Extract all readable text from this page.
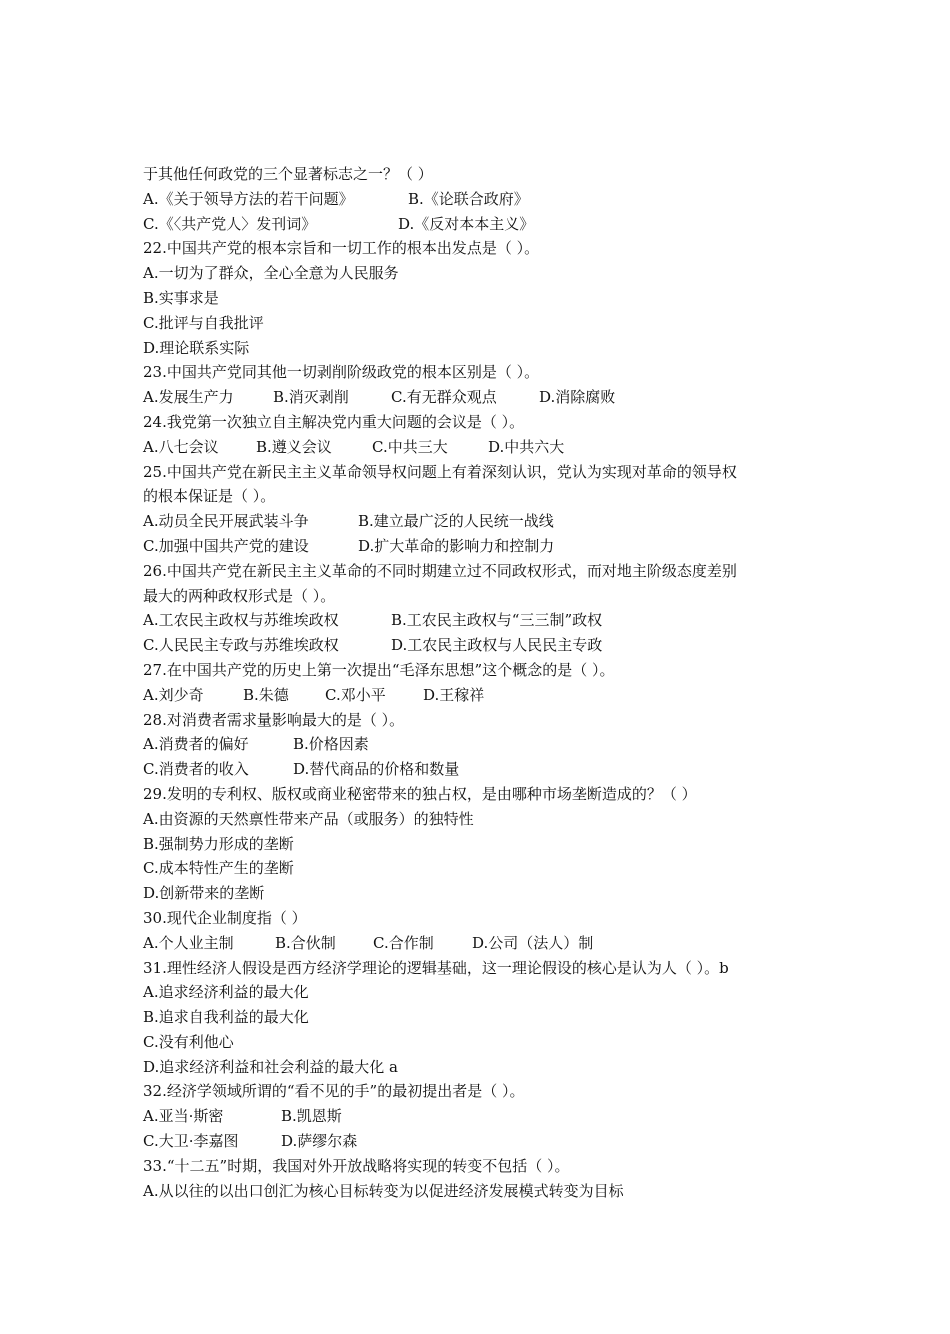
于其他任何政党的三个显著标志之一？（ ）
A.《关于领导方法的若干问题》	B.《论联合政府》
C.《〈共产党人〉发刊词》	D.《反对本本主义》
22.中国共产党的根本宗旨和一切工作的根本出发点是（ ）。
A.一切为了群众，全心全意为人民服务
B.实事求是
C.批评与自我批评
D.理论联系实际
23.中国共产党同其他一切剥削阶级政党的根本区别是（ ）。
A.发展生产力	B.消灭剥削	C.有无群众观点	D.消除腐败
24.我党第一次独立自主解决党内重大问题的会议是（ ）。
A.八七会议 B.遵义会议	C.中共三大	D.中共六大
25.中国共产党在新民主主义革命领导权问题上有着深刻认识，党认为实现对革命的领导权
的根本保证是（ ）。
A.动员全民开展武装斗争	B.建立最广泛的人民统一战线
C.加强中国共产党的建设	D.扩大革命的影响力和控制力
26.中国共产党在新民主主义革命的不同时期建立过不同政权形式，而对地主阶级态度差别
最大的两种政权形式是（ ）。
A.工农民主政权与苏维埃政权	B.工农民主政权与“三三制”政权
C.人民民主专政与苏维埃政权	D.工农民主政权与人民民主专政
27.在中国共产党的历史上第一次提出“毛泽东思想”这个概念的是（ ）。
A.刘少奇	B.朱德 C.邓小平 D.王稼祥
28.对消费者需求量影响最大的是（ ）。
A.消费者的偏好	B.价格因素
C.消费者的收入	D.替代商品的价格和数量
29.发明的专利权、版权或商业秘密带来的独占权，是由哪种市场垄断造成的？（ ）
A.由资源的天然禀性带来产品（或服务）的独特性
B.强制势力形成的垄断
C.成本特性产生的垄断
D.创新带来的垄断
30.现代企业制度指（ ）
A.个人业主制	B.合伙制 C.合作制	D.公司（法人）制
31.理性经济人假设是西方经济学理论的逻辑基础，这一理论假设的核心是认为人（ ）。b
A.追求经济利益的最大化
B.追求自我利益的最大化
C.没有利他心
D.追求经济利益和社会利益的最大化 a
32.经济学领域所谓的“看不见的手”的最初提出者是（ ）。
A.亚当·斯密	B.凯恩斯
C.大卫·李嘉图	D.萨缪尔森
33.“十二五”时期，我国对外开放战略将实现的转变不包括（ ）。
A.从以往的以出口创汇为核心目标转变为以促进经济发展模式转变为目标
